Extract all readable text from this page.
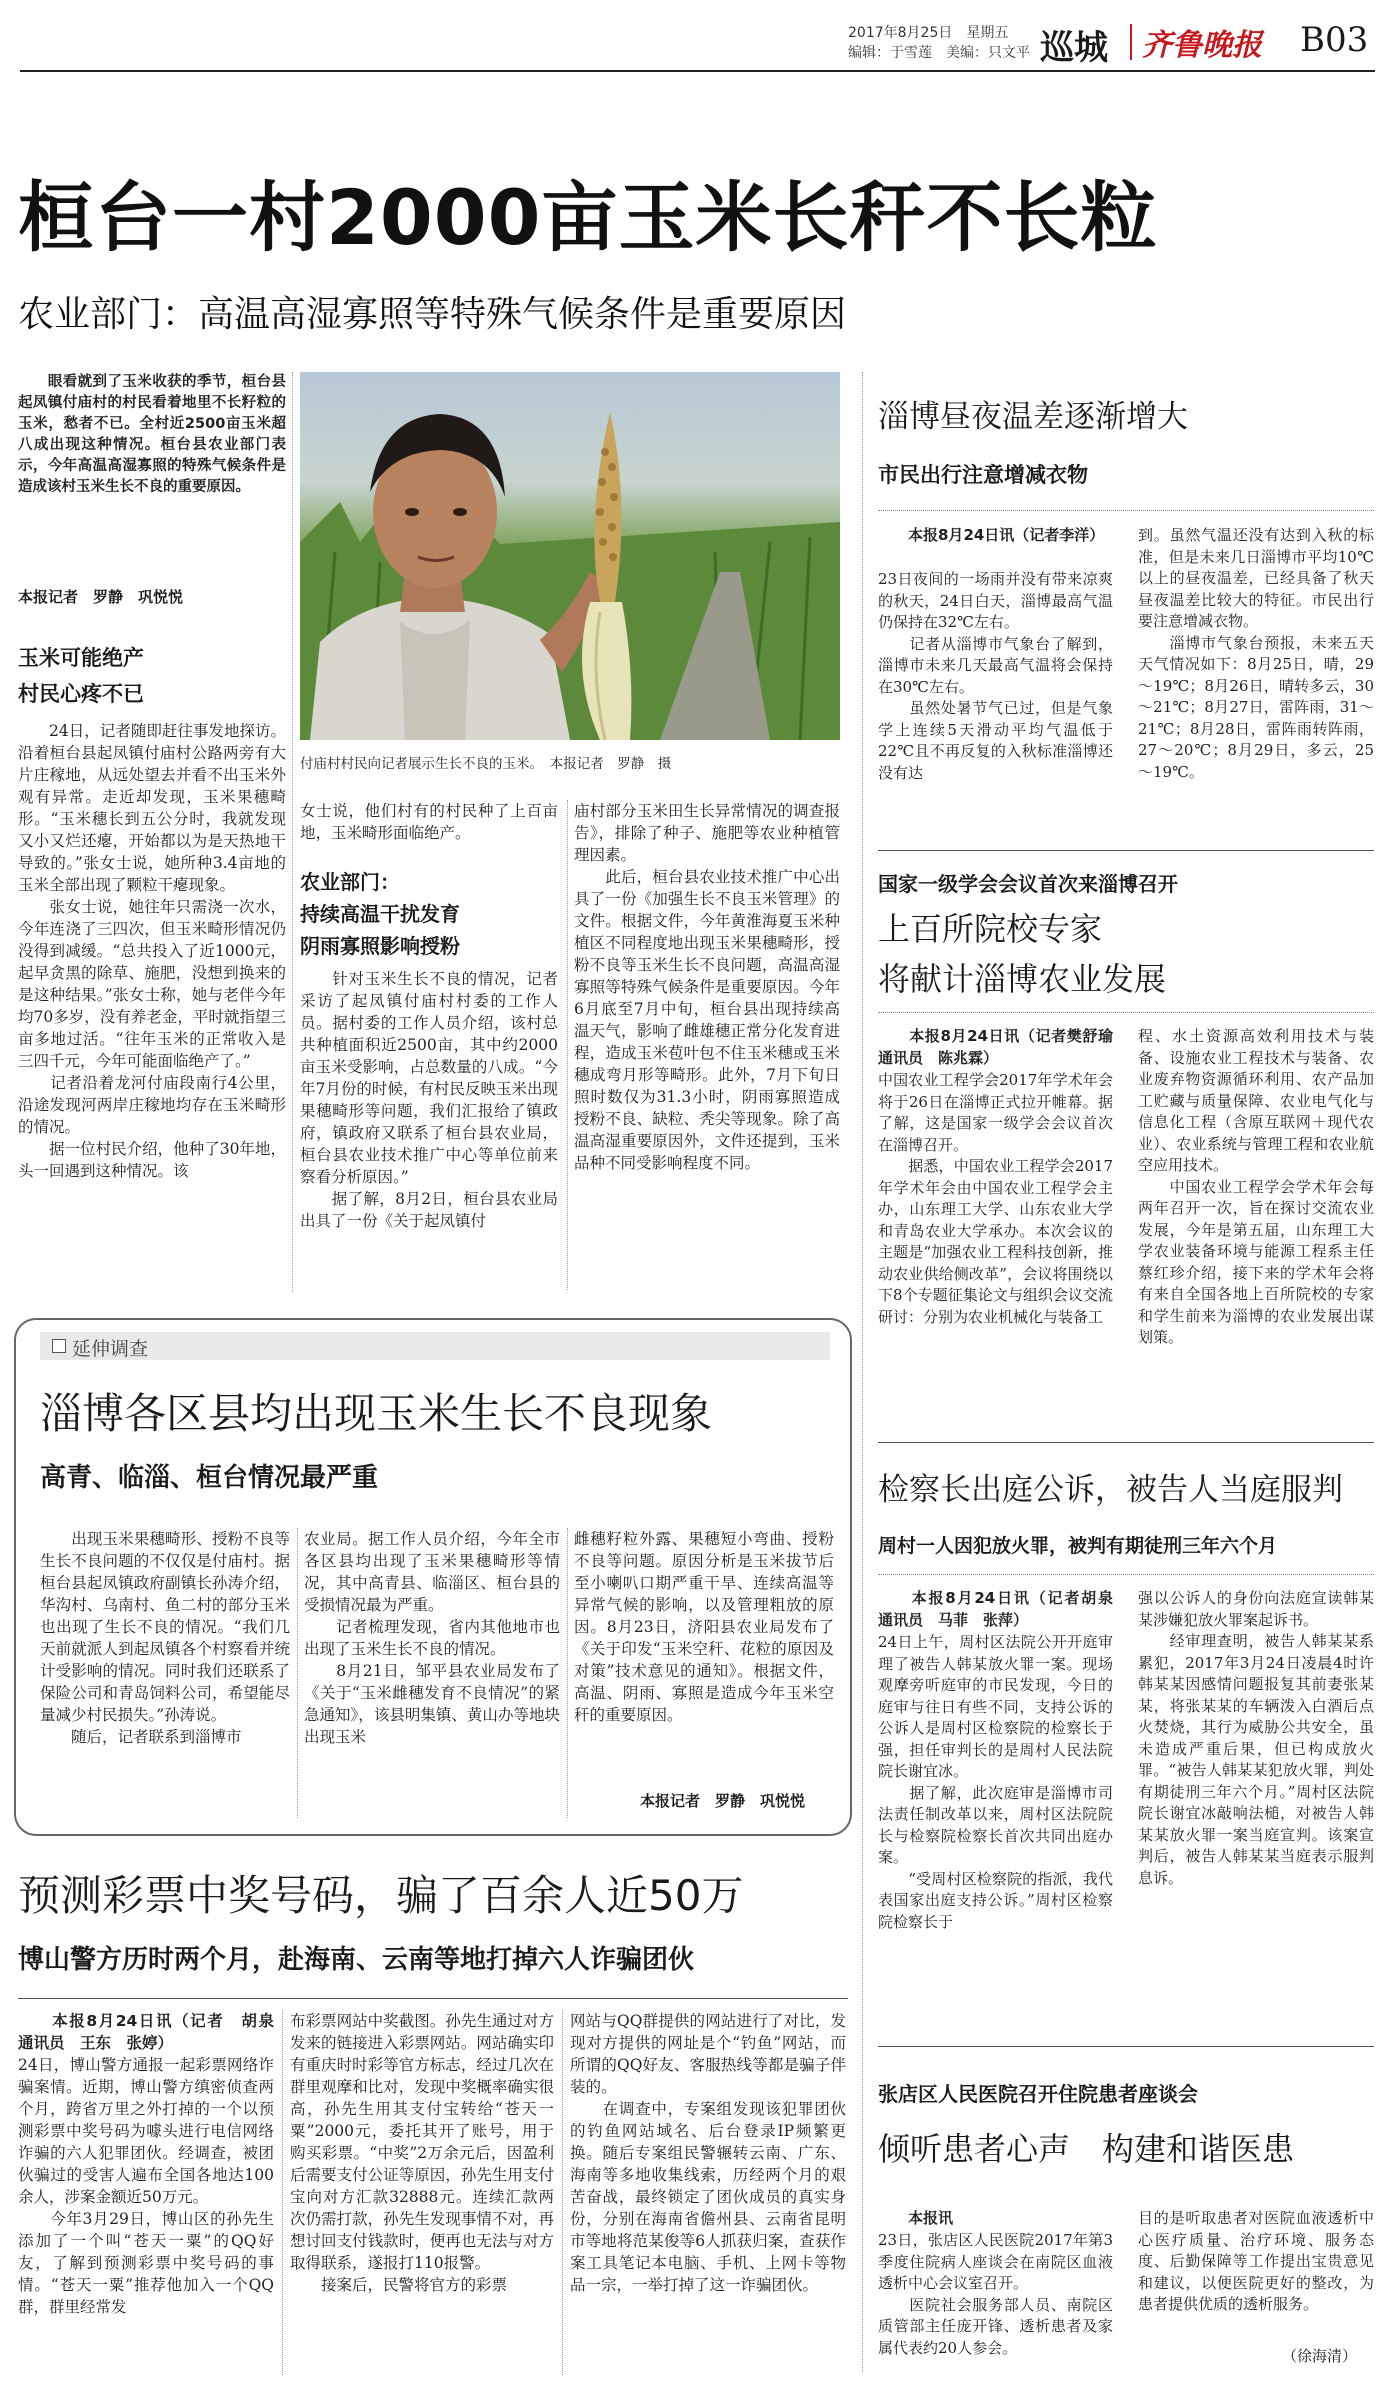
2017年8月25日　星期五
编辑：于雪莲　美编：只文平 巡城 齐鲁晚报 B03
桓台一村2000亩玉米长秆不长粒
农业部门：高温高湿寡照等特殊气候条件是重要原因
　　眼看就到了玉米收获的季节，桓台县起凤镇付庙村的村民看着地里不长籽粒的玉米，愁者不已。全村近2500亩玉米超八成出现这种情况。桓台县农业部门表示，今年高温高湿寡照的特殊气候条件是造成该村玉米生长不良的重要原因。
本报记者　罗静　巩悦悦
玉米可能绝产
村民心疼不已
　　24日，记者随即赶往事发地探访。沿着桓台县起凤镇付庙村公路两旁有大片庄稼地，从远处望去并看不出玉米外观有异常。走近却发现，玉米果穗畸形。“玉米穗长到五公分时，我就发现又小又烂还瘪，开始都以为是天热地干导致的。”张女士说，她所种3.4亩地的玉米全部出现了颗粒干瘪现象。
　　张女士说，她往年只需浇一次水，今年连浇了三四次，但玉米畸形情况仍没得到减缓。“总共投入了近1000元，起早贪黑的除草、施肥，没想到换来的是这种结果。”张女士称，她与老伴今年均70多岁，没有养老金，平时就指望三亩多地过活。“往年玉米的正常收入是三四千元，今年可能面临绝产了。”
　　记者沿着龙河付庙段南行4公里，沿途发现河两岸庄稼地均存在玉米畸形的情况。
　　据一位村民介绍，他种了30年地，头一回遇到这种情况。该
付庙村村民向记者展示生长不良的玉米。　本报记者　罗静　摄
女士说，他们村有的村民种了上百亩地，玉米畸形面临绝产。
农业部门：
持续高温干扰发育
阴雨寡照影响授粉
　　针对玉米生长不良的情况，记者采访了起凤镇付庙村村委的工作人员。据村委的工作人员介绍，该村总共种植面积近2500亩，其中约2000亩玉米受影响，占总数量的八成。“今年7月份的时候，有村民反映玉米出现果穗畸形等问题，我们汇报给了镇政府，镇政府又联系了桓台县农业局，桓台县农业技术推广中心等单位前来察看分析原因。”
　　据了解，8月2日，桓台县农业局出具了一份《关于起凤镇付
庙村部分玉米田生长异常情况的调查报告》，排除了种子、施肥等农业种植管理因素。
　　此后，桓台县农业技术推广中心出具了一份《加强生长不良玉米管理》的文件。根据文件，今年黄淮海夏玉米种植区不同程度地出现玉米果穗畸形，授粉不良等玉米生长不良问题，高温高湿寡照等特殊气候条件是重要原因。今年6月底至7月中旬，桓台县出现持续高温天气，影响了雌雄穗正常分化发育进程，造成玉米苞叶包不住玉米穗或玉米穗成弯月形等畸形。此外，7月下旬日照时数仅为31.3小时，阴雨寡照造成授粉不良、缺粒、秃尖等现象。除了高温高湿重要原因外，文件还提到，玉米品种不同受影响程度不同。
延伸调查
淄博各区县均出现玉米生长不良现象
高青、临淄、桓台情况最严重
　　出现玉米果穗畸形、授粉不良等生长不良问题的不仅仅是付庙村。据桓台县起凤镇政府副镇长孙涛介绍，华沟村、乌南村、鱼二村的部分玉米也出现了生长不良的情况。“我们几天前就派人到起凤镇各个村察看并统计受影响的情况。同时我们还联系了保险公司和青岛饲料公司，希望能尽量减少村民损失。”孙涛说。
　　随后，记者联系到淄博市
农业局。据工作人员介绍，今年全市各区县均出现了玉米果穗畸形等情况，其中高青县、临淄区、桓台县的受损情况最为严重。
　　记者梳理发现，省内其他地市也出现了玉米生长不良的情况。
　　8月21日，邹平县农业局发布了《关于“玉米雌穗发育不良情况”的紧急通知》，该县明集镇、黄山办等地块出现玉米
雌穗籽粒外露、果穗短小弯曲、授粉不良等问题。原因分析是玉米拔节后至小喇叭口期严重干旱、连续高温等异常气候的影响，以及管理粗放的原因。8月23日，济阳县农业局发布了《关于印发“玉米空秆、花粒的原因及对策”技术意见的通知》。根据文件，高温、阴雨、寡照是造成今年玉米空秆的重要原因。
本报记者　罗静　巩悦悦
预测彩票中奖号码，骗了百余人近50万
博山警方历时两个月，赴海南、云南等地打掉六人诈骗团伙
　　本报8月24日讯（记者　胡泉　通讯员　王东　张婷）
24日，博山警方通报一起彩票网络诈骗案情。近期，博山警方缜密侦查两个月，跨省万里之外打掉的一个以预测彩票中奖号码为噱头进行电信网络诈骗的六人犯罪团伙。经调查，被团伙骗过的受害人遍布全国各地达100余人，涉案金额近50万元。
　　今年3月29日，博山区的孙先生添加了一个叫“苍天一粟”的QQ好友，了解到预测彩票中奖号码的事情。“苍天一粟”推荐他加入一个QQ群，群里经常发
布彩票网站中奖截图。孙先生通过对方发来的链接进入彩票网站。网站确实印有重庆时时彩等官方标志，经过几次在群里观摩和比对，发现中奖概率确实很高，孙先生用其支付宝转给“苍天一粟”2000元，委托其开了账号，用于购买彩票。“中奖”2万余元后，因盈利后需要支付公证等原因，孙先生用支付宝向对方汇款32888元。连续汇款两次仍需打款，孙先生发现事情不对，再想讨回支付钱款时，便再也无法与对方取得联系，遂报打110报警。
　　接案后，民警将官方的彩票
网站与QQ群提供的网站进行了对比，发现对方提供的网址是个“钓鱼”网站，而所谓的QQ好友、客服热线等都是骗子伴装的。
　　在调查中，专案组发现该犯罪团伙的钓鱼网站域名、后台登录IP频繁更换。随后专案组民警辗转云南、广东、海南等多地收集线索，历经两个月的艰苦奋战，最终锁定了团伙成员的真实身份，分别在海南省儋州县、云南省昆明市等地将范某俊等6人抓获归案，查获作案工具笔记本电脑、手机、上网卡等物品一宗，一举打掉了这一诈骗团伙。
淄博昼夜温差逐渐增大
市民出行注意增减衣物
　　本报8月24日讯（记者李洋）
23日夜间的一场雨并没有带来凉爽的秋天，24日白天，淄博最高气温仍保持在32℃左右。
　　记者从淄博市气象台了解到，淄博市未来几天最高气温将会保持在30℃左右。
　　虽然处暑节气已过，但是气象学上连续5天滑动平均气温低于22℃且不再反复的入秋标准淄博还没有达
到。虽然气温还没有达到入秋的标准，但是未来几日淄博市平均10℃以上的昼夜温差，已经具备了秋天昼夜温差比较大的特征。市民出行要注意增减衣物。
　　淄博市气象台预报，未来五天天气情况如下：8月25日，晴，29～19℃；8月26日，晴转多云，30～21℃；8月27日，雷阵雨，31～21℃；8月28日，雷阵雨转阵雨，27～20℃；8月29日，多云，25～19℃。
国家一级学会会议首次来淄博召开
上百所院校专家
将献计淄博农业发展
　　本报8月24日讯（记者樊舒瑜　通讯员　陈兆霖）
中国农业工程学会2017年学术年会将于26日在淄博正式拉开帷幕。据了解，这是国家一级学会会议首次在淄博召开。
　　据悉，中国农业工程学会2017年学术年会由中国农业工程学会主办，山东理工大学、山东农业大学和青岛农业大学承办。本次会议的主题是“加强农业工程科技创新，推动农业供给侧改革”，会议将围绕以下8个专题征集论文与组织会议交流研讨：分别为农业机械化与装备工
程、水土资源高效利用技术与装备、设施农业工程技术与装备、农业废弃物资源循环利用、农产品加工贮藏与质量保障、农业电气化与信息化工程（含原互联网＋现代农业）、农业系统与管理工程和农业航空应用技术。
　　中国农业工程学会学术年会每两年召开一次，旨在探讨交流农业发展，今年是第五届，山东理工大学农业装备环境与能源工程系主任蔡红珍介绍，接下来的学术年会将有来自全国各地上百所院校的专家和学生前来为淄博的农业发展出谋划策。
检察长出庭公诉，被告人当庭服判
周村一人因犯放火罪，被判有期徒刑三年六个月
　　本报8月24日讯（记者胡泉　通讯员　马菲　张萍）
24日上午，周村区法院公开开庭审理了被告人韩某放火罪一案。现场观摩旁听庭审的市民发现，今日的庭审与往日有些不同，支持公诉的公诉人是周村区检察院的检察长于强，担任审判长的是周村人民法院院长谢宜冰。
　　据了解，此次庭审是淄博市司法责任制改革以来，周村区法院院长与检察院检察长首次共同出庭办案。
　　“受周村区检察院的指派，我代表国家出庭支持公诉。”周村区检察院检察长于
强以公诉人的身份向法庭宣读韩某某涉嫌犯放火罪案起诉书。
　　经审理查明，被告人韩某某系累犯，2017年3月24日凌晨4时许韩某某因感情问题报复其前妻张某某，将张某某的车辆泼入白酒后点火焚烧，其行为威胁公共安全，虽未造成严重后果，但已构成放火罪。“被告人韩某某犯放火罪，判处有期徒刑三年六个月。”周村区法院院长谢宜冰敲响法槌，对被告人韩某某放火罪一案当庭宣判。该案宣判后，被告人韩某某当庭表示服判息诉。
张店区人民医院召开住院患者座谈会
倾听患者心声　构建和谐医患
　　本报讯
23日，张店区人民医院2017年第3季度住院病人座谈会在南院区血液透析中心会议室召开。
　　医院社会服务部人员、南院区质管部主任庞开锋、透析患者及家属代表约20人参会。
目的是听取患者对医院血液透析中心医疗质量、治疗环境、服务态度、后勤保障等工作提出宝贵意见和建议，以便医院更好的整改，为患者提供优质的透析服务。
（徐海清）
